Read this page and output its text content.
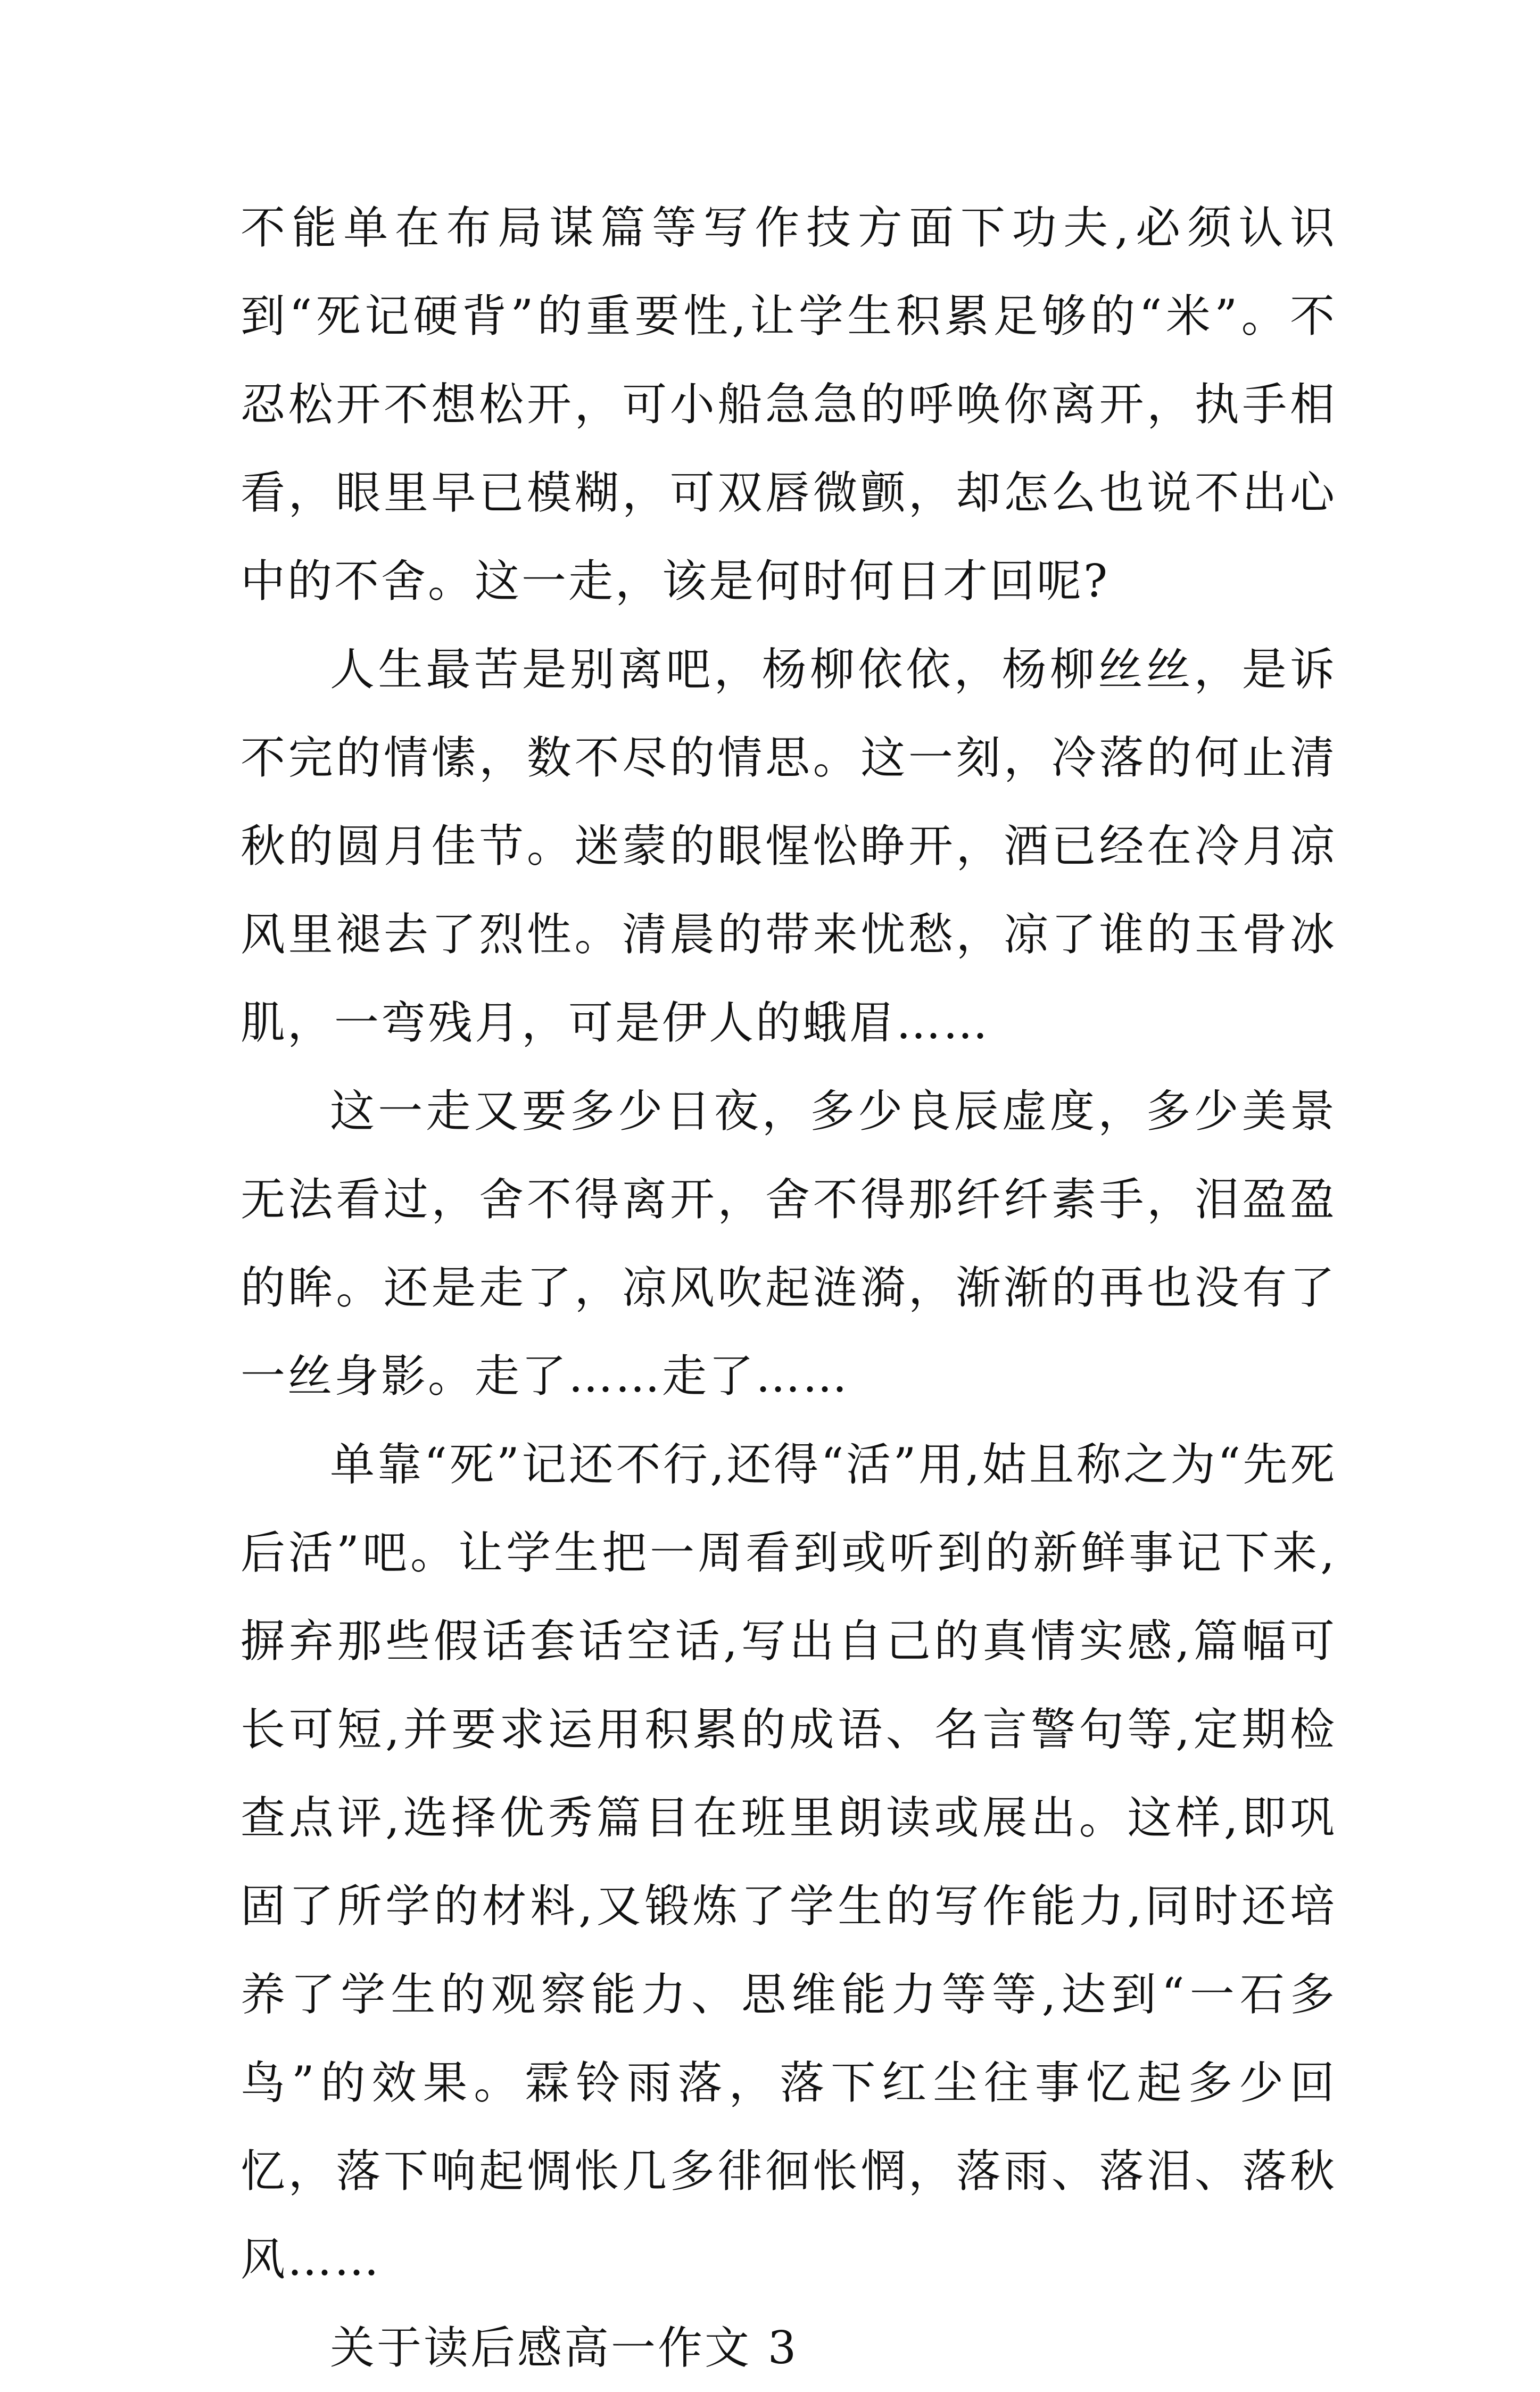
不能单在布局谋篇等写作技方面下功夫,必须认识到“死记硬背”的重要性,让学生积累足够的“米”。不忍松开不想松开，可小船急急的呼唤你离开，执手相看，眼里早已模糊，可双唇微颤，却怎么也说不出心中的不舍。这一走，该是何时何日才回呢?

人生最苦是别离吧，杨柳依依，杨柳丝丝，是诉不完的情愫，数不尽的情思。这一刻，冷落的何止清秋的圆月佳节。迷蒙的眼惺忪睁开，酒已经在冷月凉风里褪去了烈性。清晨的带来忧愁，凉了谁的玉骨冰肌，一弯残月，可是伊人的蛾眉……

这一走又要多少日夜，多少良辰虚度，多少美景无法看过，舍不得离开，舍不得那纤纤素手，泪盈盈的眸。还是走了，凉风吹起涟漪，渐渐的再也没有了一丝身影。走了……走了……

单靠“死”记还不行,还得“活”用,姑且称之为“先死后活”吧。让学生把一周看到或听到的新鲜事记下来,摒弃那些假话套话空话,写出自己的真情实感,篇幅可长可短,并要求运用积累的成语、名言警句等,定期检查点评,选择优秀篇目在班里朗读或展出。这样,即巩固了所学的材料,又锻炼了学生的写作能力,同时还培养了学生的观察能力、思维能力等等,达到“一石多鸟”的效果。霖铃雨落，落下红尘往事忆起多少回忆，落下响起惆怅几多徘徊怅惘，落雨、落泪、落秋风……

关于读后感高一作文 3
